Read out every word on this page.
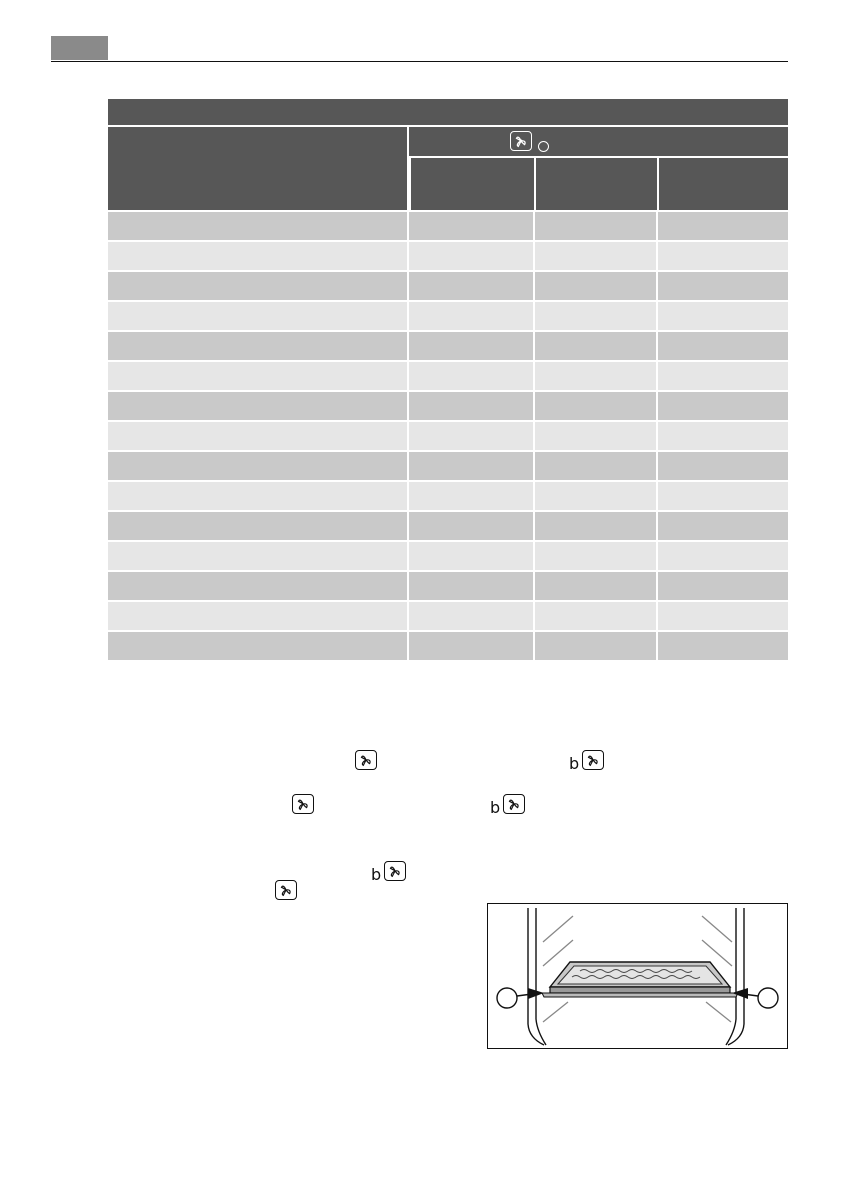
b
b
b
